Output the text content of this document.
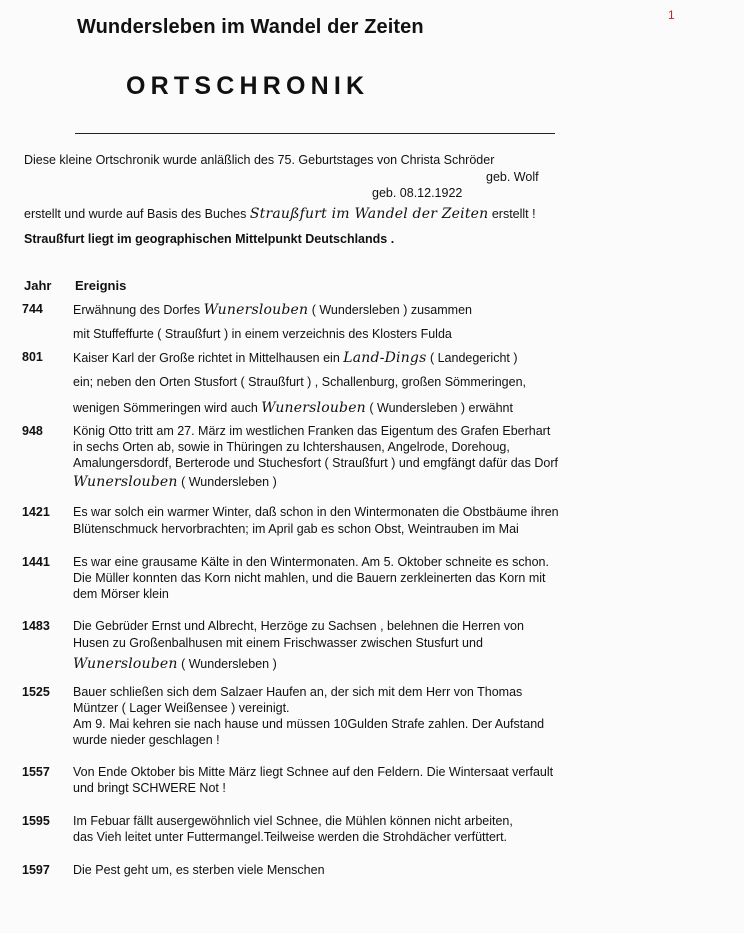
1
Wundersleben im Wandel der Zeiten
ORTSCHRONIK
Diese kleine Ortschronik wurde anläßlich des 75. Geburtstages von Christa Schröder
geb. Wolf
geb. 08.12.1922
erstellt und wurde auf Basis des Buches Straußfurt im Wandel der Zeiten erstellt !
Straußfurt liegt im geographischen Mittelpunkt Deutschlands .
Jahr Ereignis
744 Erwähnung des Dorfes Wunerslouben ( Wundersleben ) zusammen
mit Stuffeffurte ( Straußfurt ) in einem verzeichnis des Klosters Fulda
801 Kaiser Karl der Große richtet in Mittelhausen ein Land-Dings ( Landegericht )
ein; neben den Orten Stusfort ( Straußfurt ) , Schallenburg, großen Sömmeringen,
wenigen Sömmeringen wird auch Wunerslouben ( Wundersleben ) erwähnt
948 König Otto tritt am 27. März im westlichen Franken das Eigentum des Grafen Eberhart
in sechs Orten ab, sowie in Thüringen zu Ichtershausen, Angelrode, Dorehoug,
Amalungersdordf, Berterode und Stuchesfort ( Straußfurt ) und emgfängt dafür das Dorf
Wunerslouben ( Wundersleben )
1421 Es war solch ein warmer Winter, daß schon in den Wintermonaten die Obstbäume ihren
Blütenschmuck hervorbrachten; im April gab es schon Obst, Weintrauben im Mai
1441 Es war eine grausame Kälte in den Wintermonaten. Am 5. Oktober schneite es schon.
Die Müller konnten das Korn nicht mahlen, und die Bauern zerkleinerten das Korn mit
dem Mörser klein
1483 Die Gebrüder Ernst und Albrecht, Herzöge zu Sachsen , belehnen die Herren von
Husen zu Großenbalhusen mit einem Frischwasser zwischen Stusfurt und
Wunerslouben ( Wundersleben )
1525 Bauer schließen sich dem Salzaer Haufen an, der sich mit dem Herr von Thomas
Müntzer ( Lager Weißensee ) vereinigt.
Am 9. Mai kehren sie nach hause und müssen 10Gulden Strafe zahlen. Der Aufstand
wurde nieder geschlagen !
1557 Von Ende Oktober bis Mitte März liegt Schnee auf den Feldern. Die Wintersaat verfault
und bringt SCHWERE Not !
1595 Im Febuar fällt ausergewöhnlich viel Schnee, die Mühlen können nicht arbeiten,
das Vieh leitet unter Futtermangel.Teilweise werden die Strohdächer verfüttert.
1597 Die Pest geht um, es sterben viele Menschen
